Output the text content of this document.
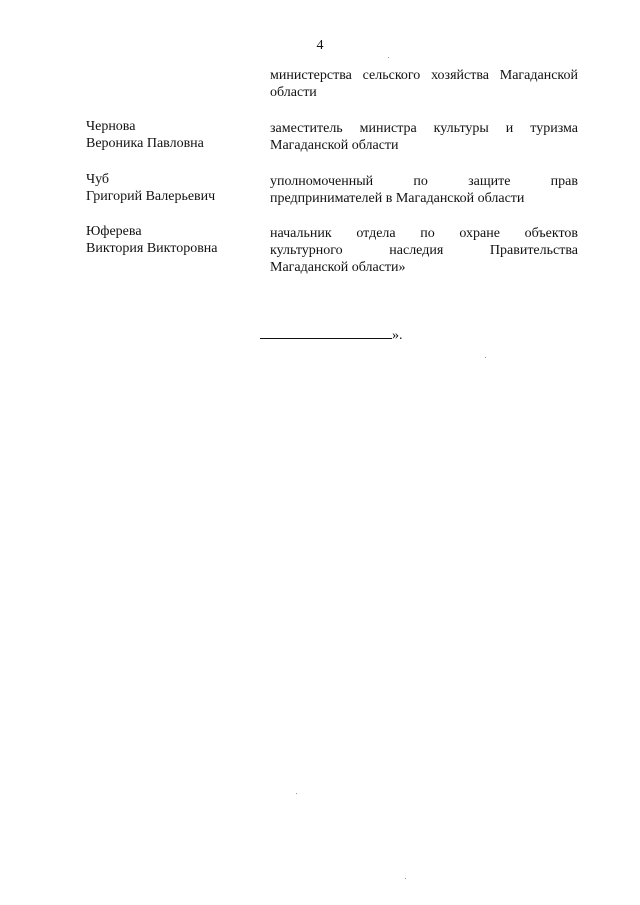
4
министерства сельского хозяйства Магаданской
области
Чернова
Вероника Павловна
заместитель министра культуры и туризма
Магаданской области
Чуб
Григорий Валерьевич
уполномоченный по защите прав
предпринимателей в Магаданской области
Юферева
Виктория Викторовна
начальник отдела по охране объектов
культурного наследия Правительства
Магаданской области»
».
